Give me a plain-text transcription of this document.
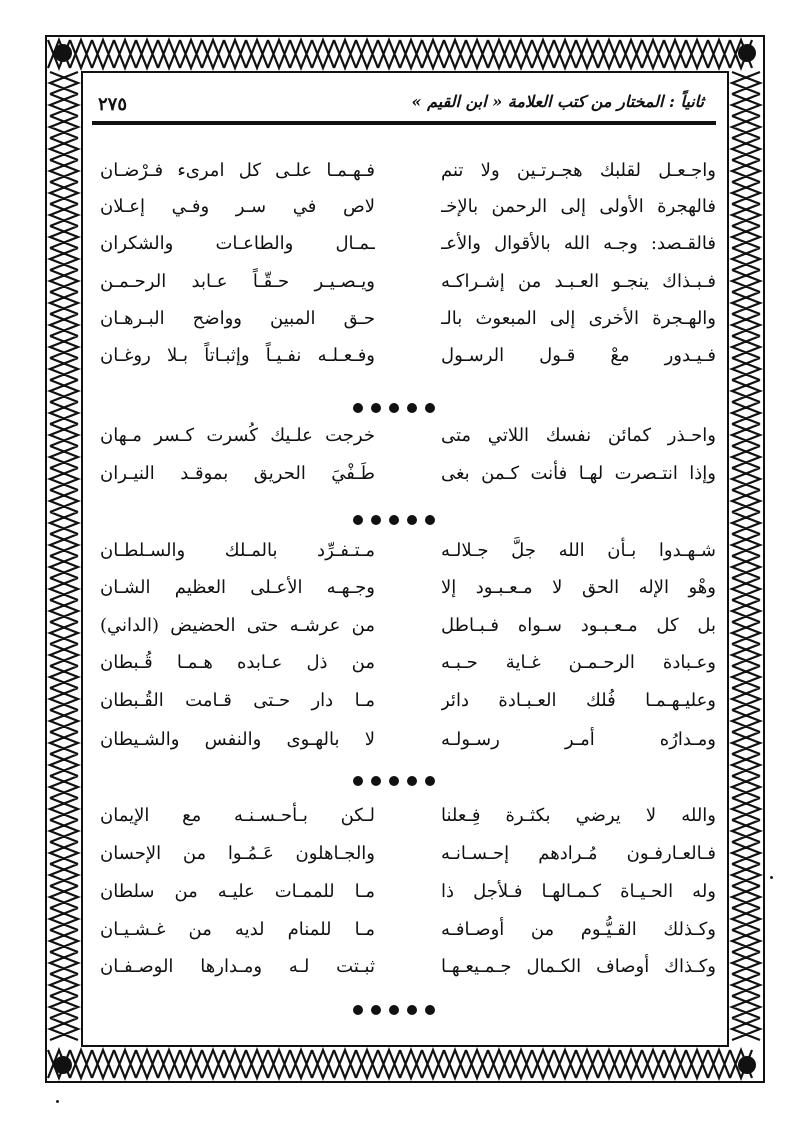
ثانياً : المختار من كتب العلامة « ابن القيم »
٢٧٥
واجـعـل لقلبك هجـرتـين ولا تنم
فـهـمـا علـى كل امرىء فـرْضـان
فالهجرة الأولى إلى الرحمن بالإخـ
لاص في سـر وفـي إعـلان
فالقـصد: وجـه الله بالأقوال والأعـ
ـمـال والطاعـات والشكران
فـبـذاك ينجـو العـبـد من إشـراكـه
ويـصـيـر حـقّـاً عـابد الرحـمـن
والهـجرة الأخرى إلى المبعوث بالـ
حـق المبين وواضح البـرهـان
فـيـدور معْ قـول الرسـول
وفـعـلـه نفـيـاً وإثبـاتاً بـلا روغـان
واحـذر كمائن نفسك اللاتي متى
خرجت علـيك كُسرت كـسر مـهان
وإذا انتـصرت لهـا فأنت كـمن بغى
طَـفْيَ الحريق بموقـد النيـران
شـهـدوا بـأن الله جلَّ جـلالـه
مـتـفـرِّد بالمـلك والسـلطـان
وهْو الإله الحق لا مـعـبـود إلا
وجـهـه الأعـلى العظيم الشـان
بل كل مـعـبـود سـواه فـبـاطل
من عرشـه حتى الحضيض (الداني)
وعـبادة الرحـمـن غـاية حـبـه
من ذل عـابده هـمـا قُـبطان
وعليـهـمـا فُلك العـبـادة دائر
مـا دار حـتى قـامت القُـبطان
ومـدارُه أمـر رسـولـه
لا بالهـوى والنفس والشـيطان
والله لا يرضي بكثـرة فِـعلنا
لـكن بـأحـسـنـه مع الإيمان
فـالعـارفـون مُـرادهم إحـسـانـه
والجـاهلون عَـمُـوا من الإحسان
وله الحـيـاة كـمـالهـا فـلأجل ذا
مـا للممـات عليـه من سلطان
وكـذلك القـيُّـوم من أوصـافـه
مـا للمنام لديه من غـشـيـان
وكـذاك أوصاف الكـمال جـمـيعـهـا
ثبـتت لـه ومـدارها الوصـفـان
